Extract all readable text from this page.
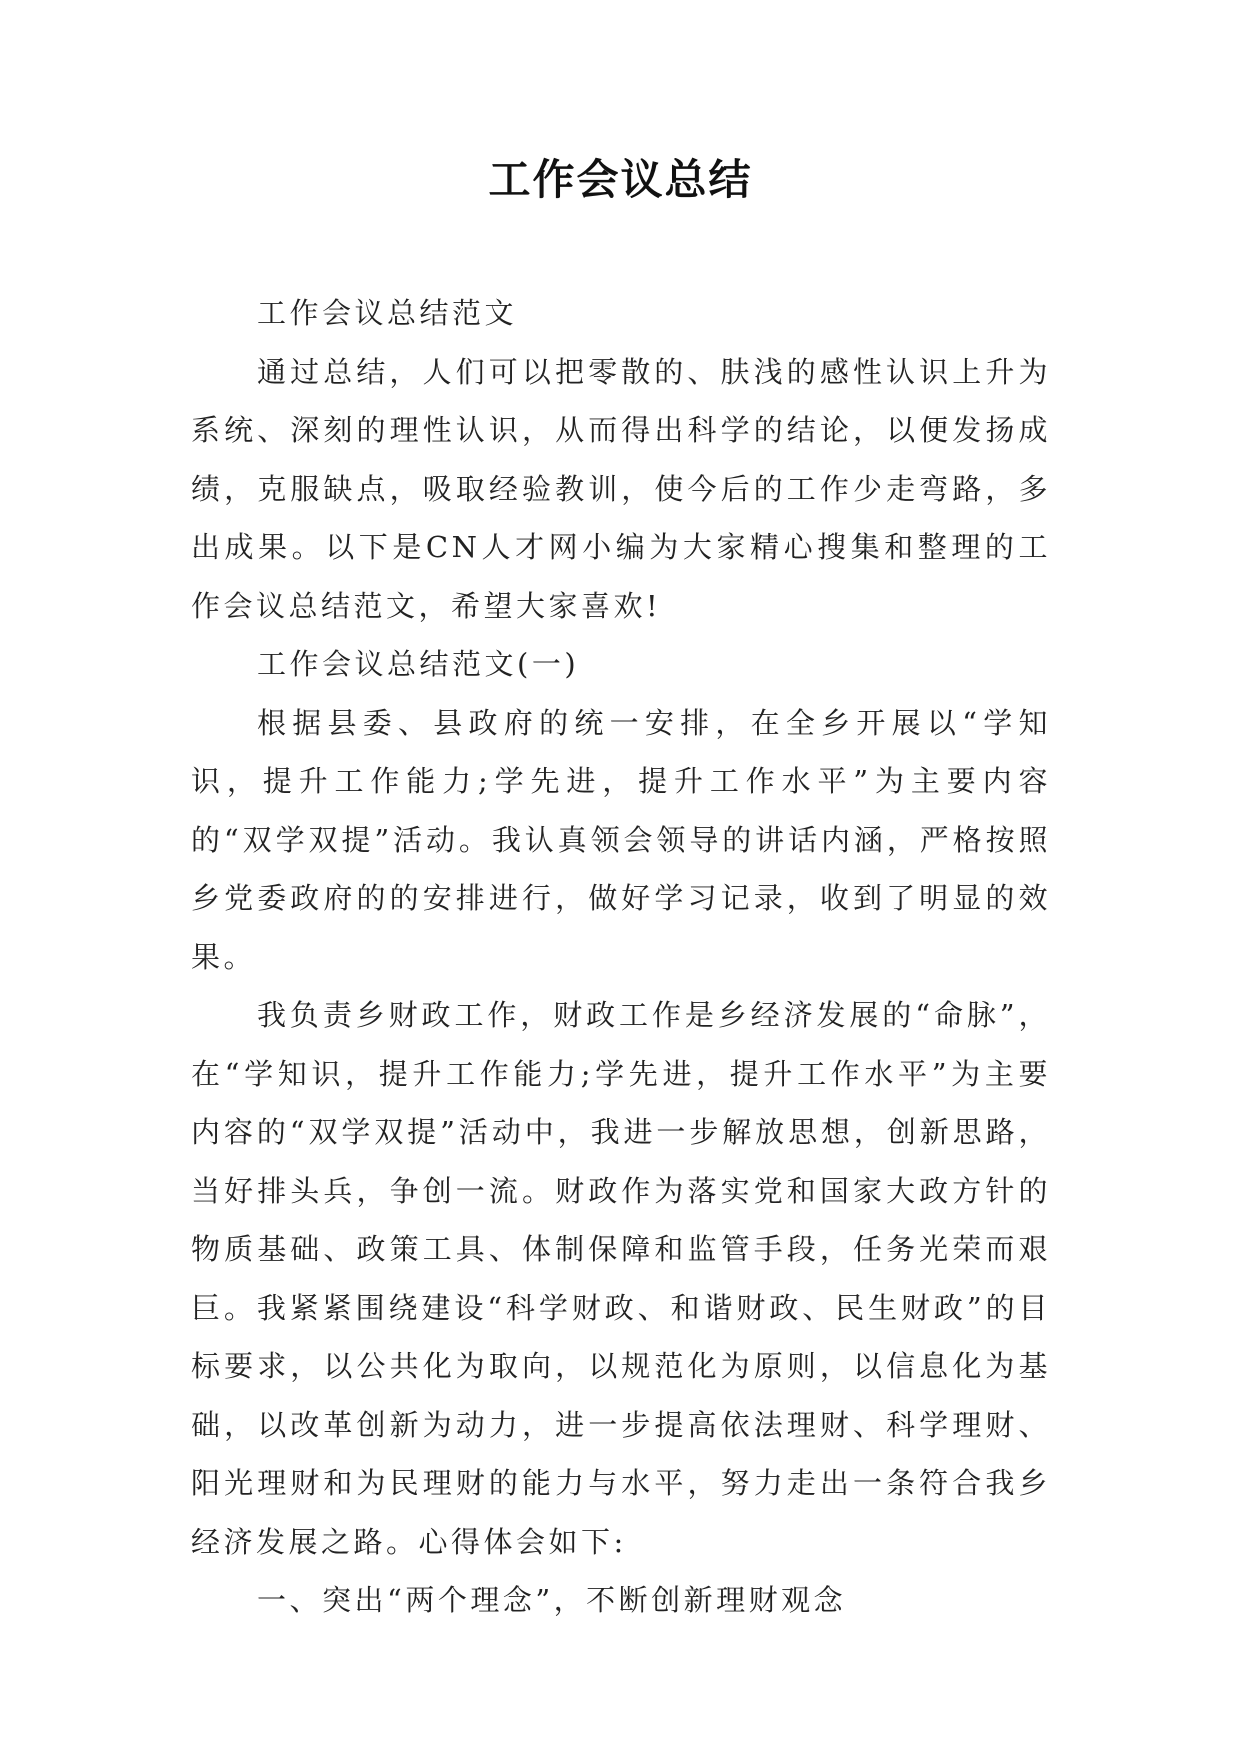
工作会议总结

工作会议总结范文

通过总结，人们可以把零散的、肤浅的感性认识上升为系统、深刻的理性认识，从而得出科学的结论，以便发扬成绩，克服缺点，吸取经验教训，使今后的工作少走弯路，多出成果。以下是CN人才网小编为大家精心搜集和整理的工作会议总结范文，希望大家喜欢!

工作会议总结范文(一)

根据县委、县政府的统一安排，在全乡开展以“学知识，提升工作能力;学先进，提升工作水平”为主要内容的“双学双提”活动。我认真领会领导的讲话内涵，严格按照乡党委政府的的安排进行，做好学习记录，收到了明显的效果。

我负责乡财政工作，财政工作是乡经济发展的“命脉”，在“学知识，提升工作能力;学先进，提升工作水平”为主要内容的“双学双提”活动中，我进一步解放思想，创新思路，当好排头兵，争创一流。财政作为落实党和国家大政方针的物质基础、政策工具、体制保障和监管手段，任务光荣而艰巨。我紧紧围绕建设“科学财政、和谐财政、民生财政”的目标要求，以公共化为取向，以规范化为原则，以信息化为基础，以改革创新为动力，进一步提高依法理财、科学理财、阳光理财和为民理财的能力与水平，努力走出一条符合我乡经济发展之路。心得体会如下:

一、突出“两个理念”，不断创新理财观念
